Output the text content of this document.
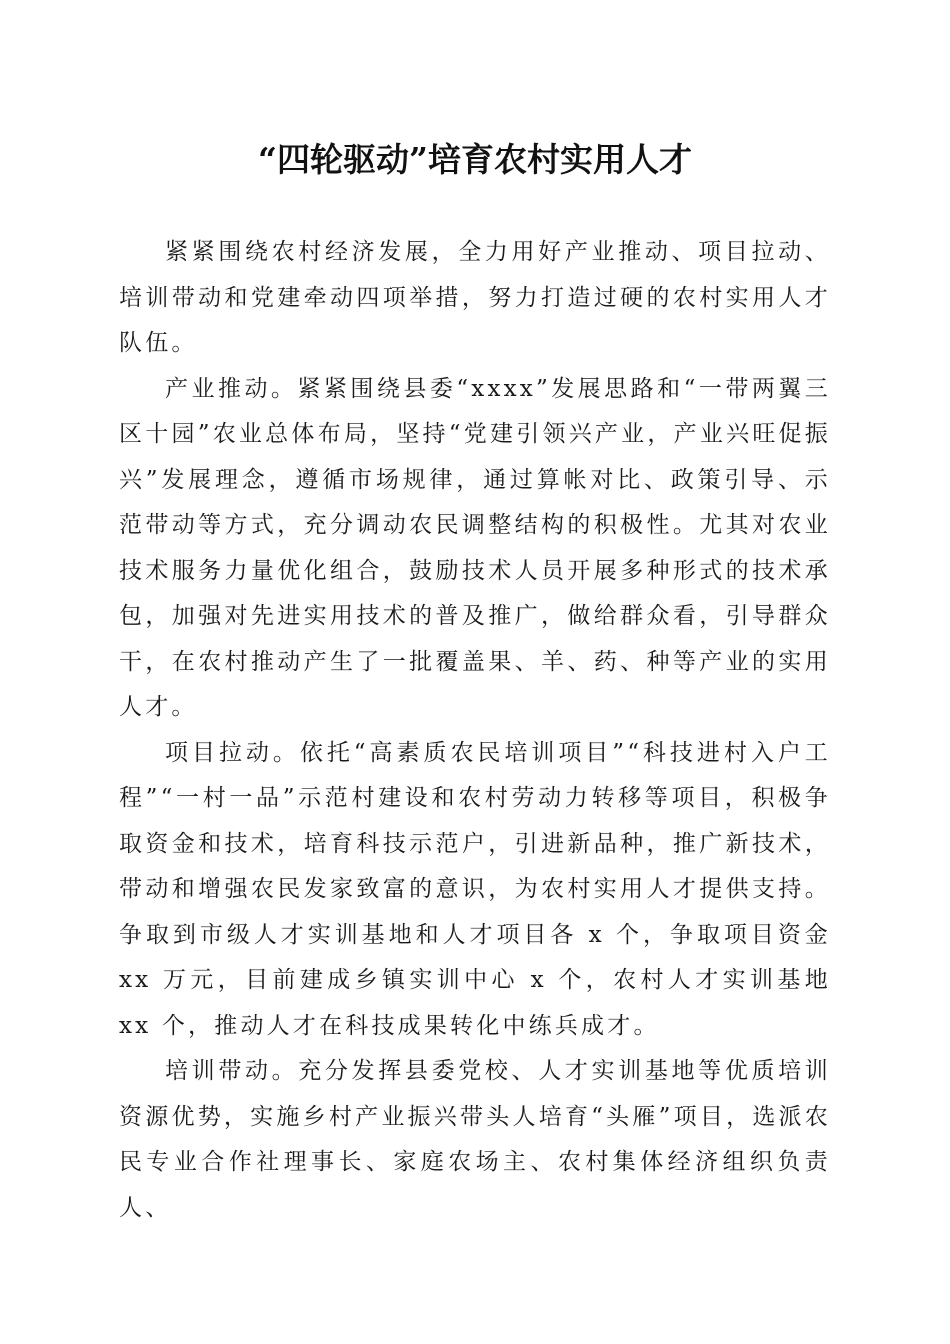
“四轮驱动”培育农村实用人才

紧紧围绕农村经济发展，全力用好产业推动、项目拉动、培训带动和党建牵动四项举措，努力打造过硬的农村实用人才队伍。

产业推动。紧紧围绕县委“xxxx”发展思路和“一带两翼三区十园”农业总体布局，坚持“党建引领兴产业，产业兴旺促振兴”发展理念，遵循市场规律，通过算帐对比、政策引导、示范带动等方式，充分调动农民调整结构的积极性。尤其对农业技术服务力量优化组合，鼓励技术人员开展多种形式的技术承包，加强对先进实用技术的普及推广，做给群众看，引导群众干，在农村推动产生了一批覆盖果、羊、药、种等产业的实用人才。

项目拉动。依托“高素质农民培训项目”“科技进村入户工程”“一村一品”示范村建设和农村劳动力转移等项目，积极争取资金和技术，培育科技示范户，引进新品种，推广新技术，带动和增强农民发家致富的意识，为农村实用人才提供支持。争取到市级人才实训基地和人才项目各 x 个，争取项目资金 xx 万元，目前建成乡镇实训中心 x 个，农村人才实训基地 xx 个，推动人才在科技成果转化中练兵成才。

培训带动。充分发挥县委党校、人才实训基地等优质培训资源优势，实施乡村产业振兴带头人培育“头雁”项目，选派农民专业合作社理事长、家庭农场主、农村集体经济组织负责人、
